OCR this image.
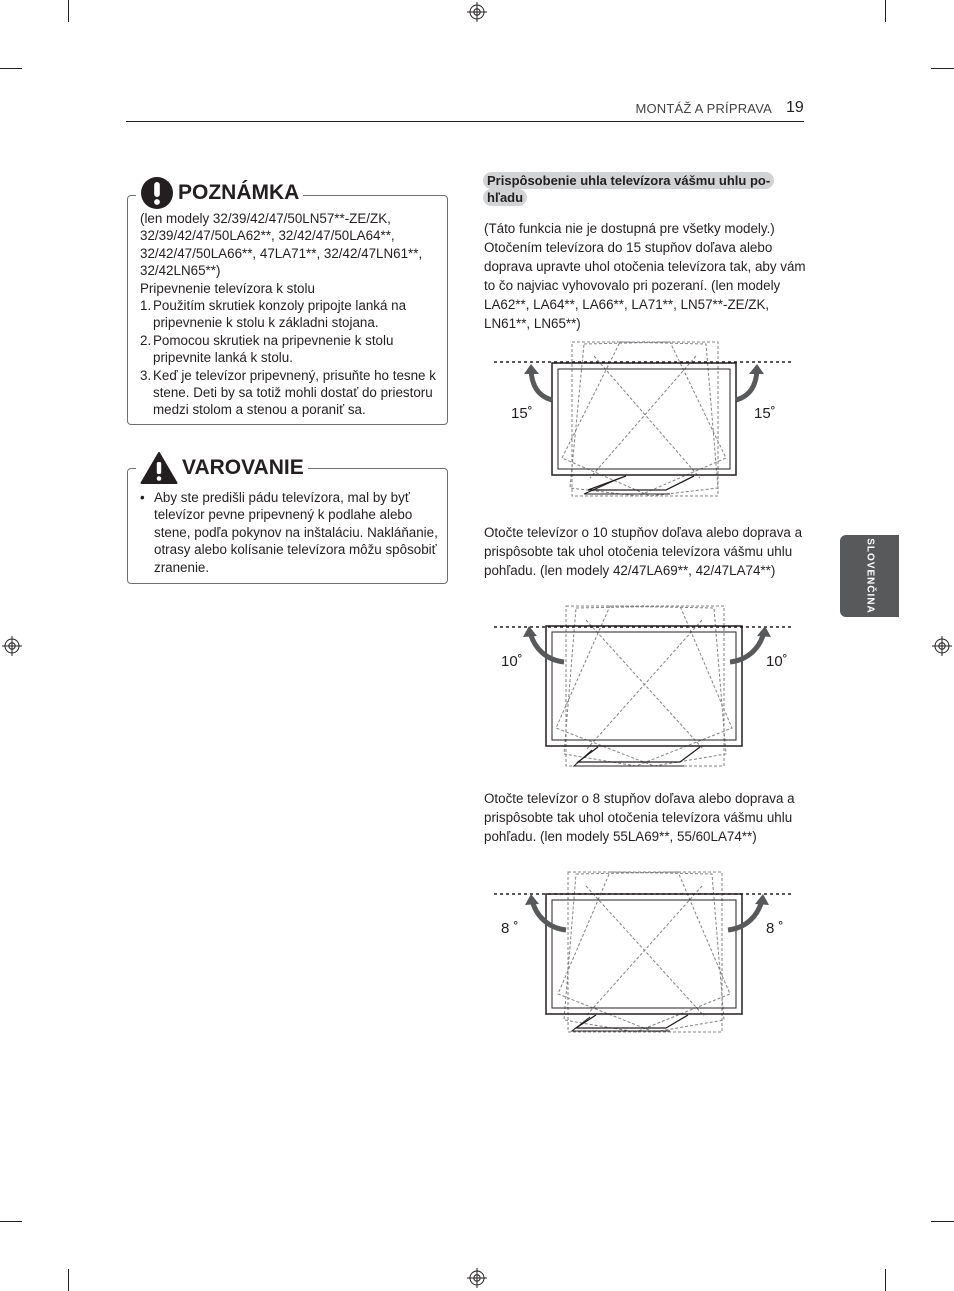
MONTÁŽ A PRÍPRAVA 19
SLOVENČINA

(len modely 32/39/42/47/50LN57**-ZE/ZK, 32/39/42/47/50LA62**, 32/42/47/50LA64**, 32/42/47/50LA66**, 47LA71**, 32/42/47LN61**, 32/42LN65**)

Pripevnenie televízora k stolu

1. Použitím skrutiek konzoly pripojte lanká na pripevnenie k stolu k základni stojana.
2. Pomocou skrutiek na pripevnenie k stolu pripevnite lanká k stolu.
3. Keď je televízor pripevnený, prisuňte ho tesne k stene. Deti by sa totiž mohli dostať do priestoru medzi stolom a stenou a poraniť sa.
POZNÁMKA
• Aby ste predišli pádu televízora, mal by byť televízor pevne pripevnený k podlahe alebo stene, podľa pokynov na inštaláciu. Nakláňanie, otrasy alebo kolísanie televízora môžu spôsobiť zranenie.
VAROVANIE
Prispôsobenie uhla televízora vášmu uhlu po-
hľadu
(Táto funkcia nie je dostupná pre všetky modely.) Otočením televízora do 15 stupňov doľava alebo doprava upravte uhol otočenia televízora tak, aby vám to čo najviac vyhovovalo pri pozeraní. (len modely LA62**, LA64**, LA66**, LA71**, LN57**-ZE/ZK, LN61**, LN65**)
15˚	15˚
Otočte televízor o 10 stupňov doľava alebo doprava a prispôsobte tak uhol otočenia televízora vášmu uhlu pohľadu. (len modely 42/47LA69**, 42/47LA74**)
10˚	10˚
Otočte televízor o 8 stupňov doľava alebo doprava a prispôsobte tak uhol otočenia televízora vášmu uhlu pohľadu. (len modely 55LA69**, 55/60LA74**)
8 ˚	8 ˚
